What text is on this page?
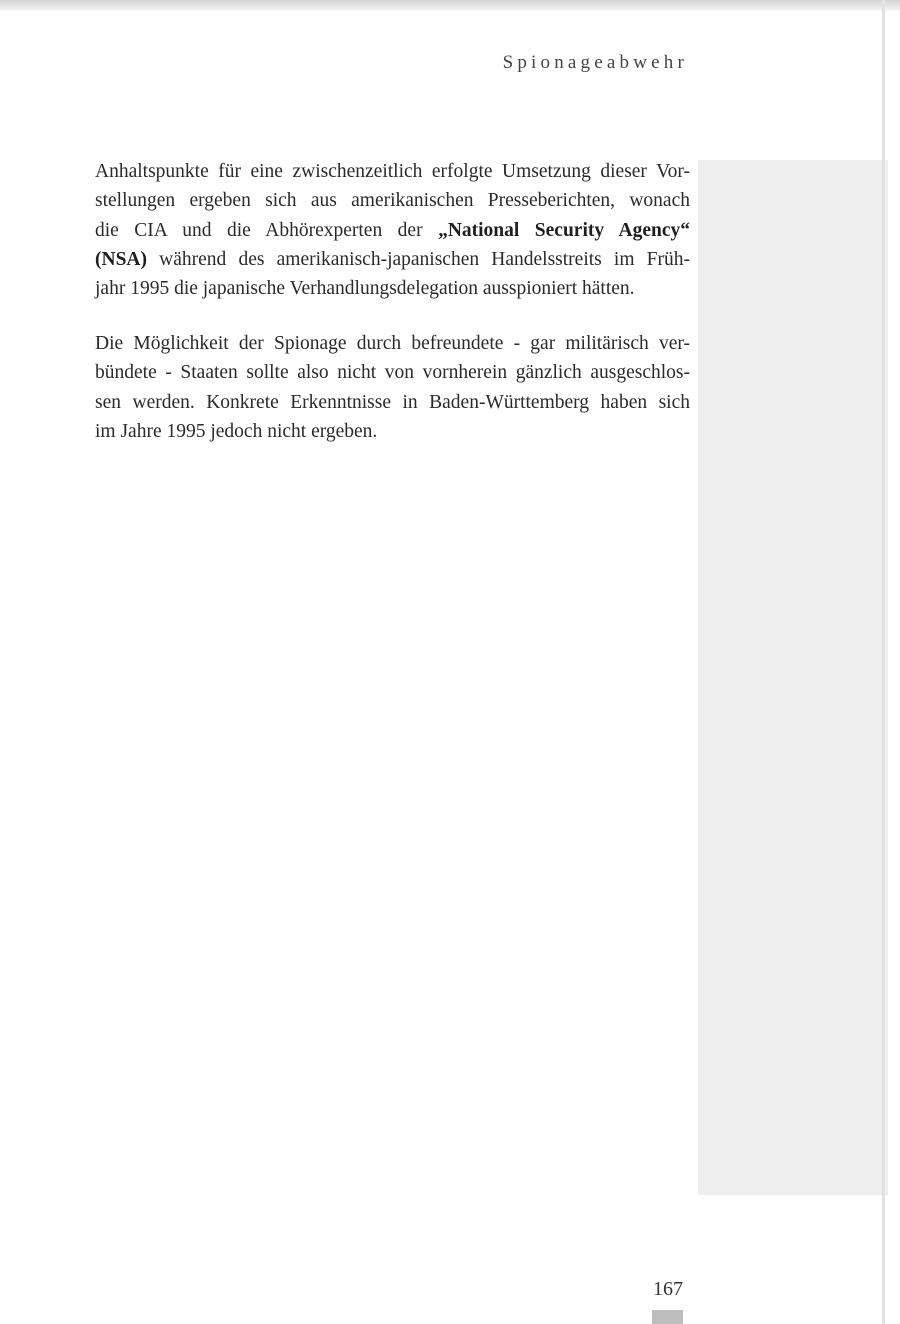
Spionageabwehr
Anhaltspunkte für eine zwischenzeitlich erfolgte Umsetzung dieser Vor-
stellungen ergeben sich aus amerikanischen Presseberichten, wonach
die CIA und die Abhörexperten der „National Security Agency“
(NSA) während des amerikanisch-japanischen Handelsstreits im Früh-
jahr 1995 die japanische Verhandlungsdelegation ausspioniert hätten.
Die Möglichkeit der Spionage durch befreundete - gar militärisch ver-
bündete - Staaten sollte also nicht von vornherein gänzlich ausgeschlos-
sen werden. Konkrete Erkenntnisse in Baden-Württemberg haben sich
im Jahre 1995 jedoch nicht ergeben.
167
